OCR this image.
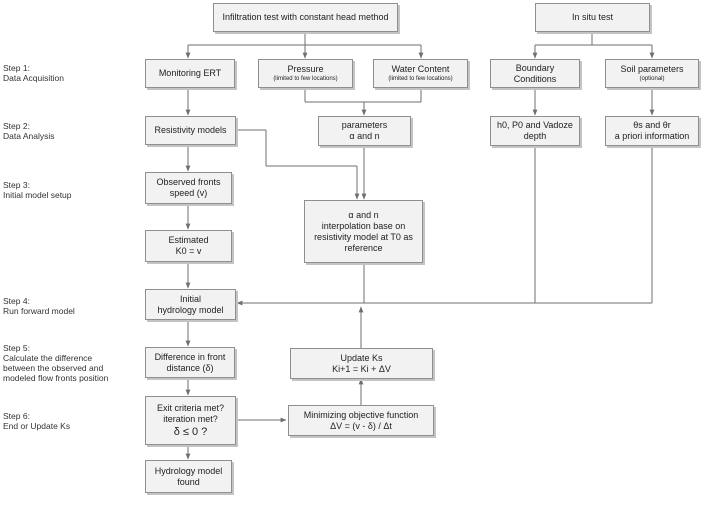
Infiltration test with constant head method	In situ test
Step 1:
Data Acquisition
Step 2:
Data Analysis
Step 3:
Initial model setup
Step 4:
Run forward model
Step 5:
Calculate the difference
between the observed and
modeled flow fronts position
Step 6:
End or Update Ks
Monitoring ERT	Pressure
(limited to few locations)
Water Content
(limited to few locations)
Boundary
Conditions
Soil parameters
(optional)
Resistivity models	parameters
α and n
h0, P0 and Vadoze
depth
θs and θr
a priori information
Observed fronts
speed (v)
α and n
interpolation base on
resistivity model at T0 as
reference
Estimated
K0 = v
Initial
hydrology model
Update Ks
Ki+1 = Ki + ΔV
Difference in front
distance (δ)
Exit criteria met?
iteration met?
δ ≤ 0 ?
Minimizing objective function
ΔV = (v - δ) / Δt
Hydrology model
found
